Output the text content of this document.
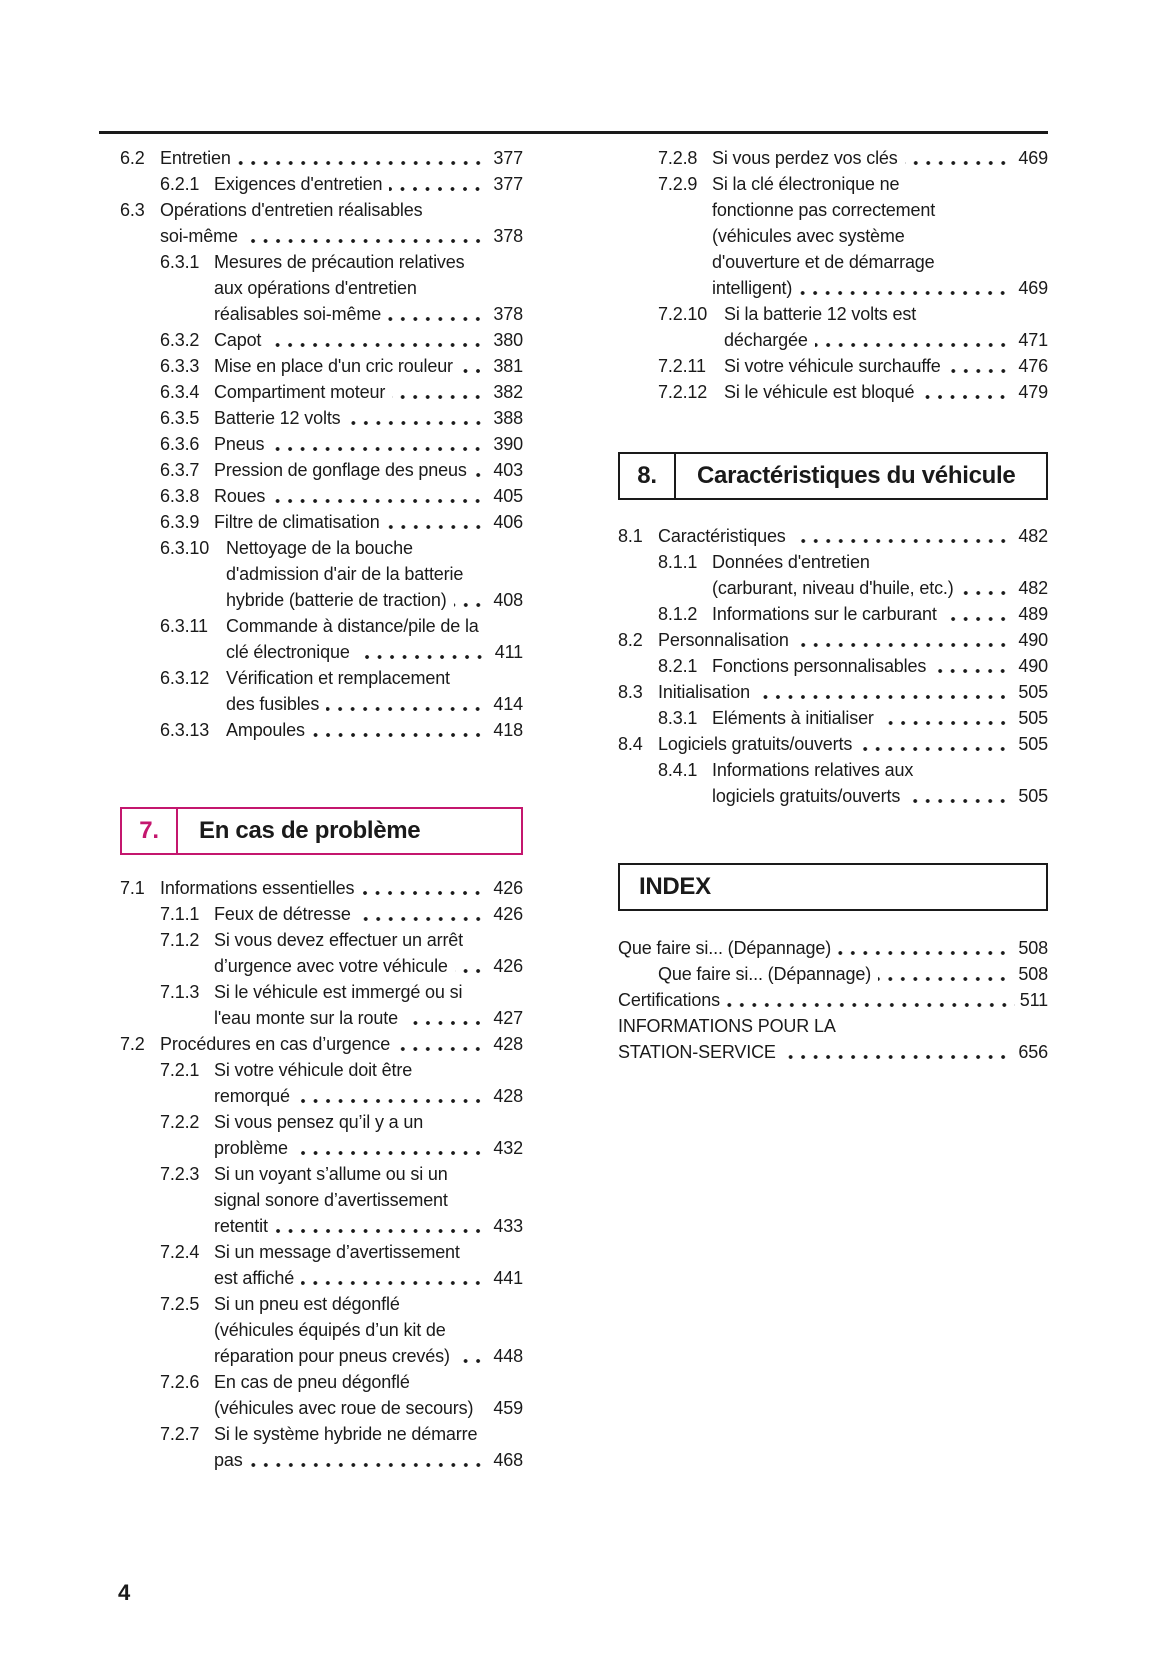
6.2 Entretien	377
6.2.1 Exigences d'entretien	377
6.3 Opérations d'entretien réalisables
soi-même	378
6.3.1 Mesures de précaution relatives
aux opérations d'entretien
réalisables soi-même	378
6.3.2 Capot	380
6.3.3 Mise en place d'un cric rouleur 381
6.3.4 Compartiment moteur	382
6.3.5 Batterie 12 volts	388
6.3.6 Pneus	390
6.3.7 Pression de gonflage des pneus 403
6.3.8 Roues	405
6.3.9 Filtre de climatisation	406
6.3.10 Nettoyage de la bouche
d'admission d'air de la batterie
hybride (batterie de traction)	408
6.3.11	Commande à distance/pile de la
clé électronique	411
6.3.12 Vérification et remplacement
des fusibles	414
6.3.13 Ampoules	418
7.	En cas de problème
7.1 Informations essentielles	426
7.1.1 Feux de détresse	426
7.1.2 Si vous devez effectuer un arrêt
d’urgence avec votre véhicule	426
7.1.3 Si le véhicule est immergé ou si
l'eau monte sur la route	427
7.2 Procédures en cas d’urgence	428
7.2.1 Si votre véhicule doit être
remorqué	428
7.2.2 Si vous pensez qu’il y a un
problème	432
7.2.3 Si un voyant s’allume ou si un
signal sonore d’avertissement
retentit	433
7.2.4 Si un message d’avertissement
est affiché	441
7.2.5 Si un pneu est dégonflé
(véhicules équipés d’un kit de
réparation pour pneus crevés) 448
7.2.6 En cas de pneu dégonflé
(véhicules avec roue de secours) 459
7.2.7 Si le système hybride ne démarre
pas	468
7.2.8 Si vous perdez vos clés	469
7.2.9 Si la clé électronique ne
fonctionne pas correctement
(véhicules avec système
d'ouverture et de démarrage
intelligent)	469
7.2.10 Si la batterie 12 volts est
déchargée	471
7.2.11	Si votre véhicule surchauffe	476
7.2.12 Si le véhicule est bloqué	479
8.	Caractéristiques du véhicule
8.1 Caractéristiques	482
8.1.1 Données d'entretien
(carburant, niveau d'huile, etc.)	482
8.1.2 Informations sur le carburant	489
8.2 Personnalisation	490
8.2.1 Fonctions personnalisables	490
8.3 Initialisation	505
8.3.1 Eléments à initialiser	505
8.4 Logiciels gratuits/ouverts	505
8.4.1 Informations relatives aux
logiciels gratuits/ouverts	505
INDEX
Que faire si... (Dépannage)	508
Que faire si... (Dépannage)	508
Certifications	511
INFORMATIONS POUR LA
STATION-SERVICE	656
4
